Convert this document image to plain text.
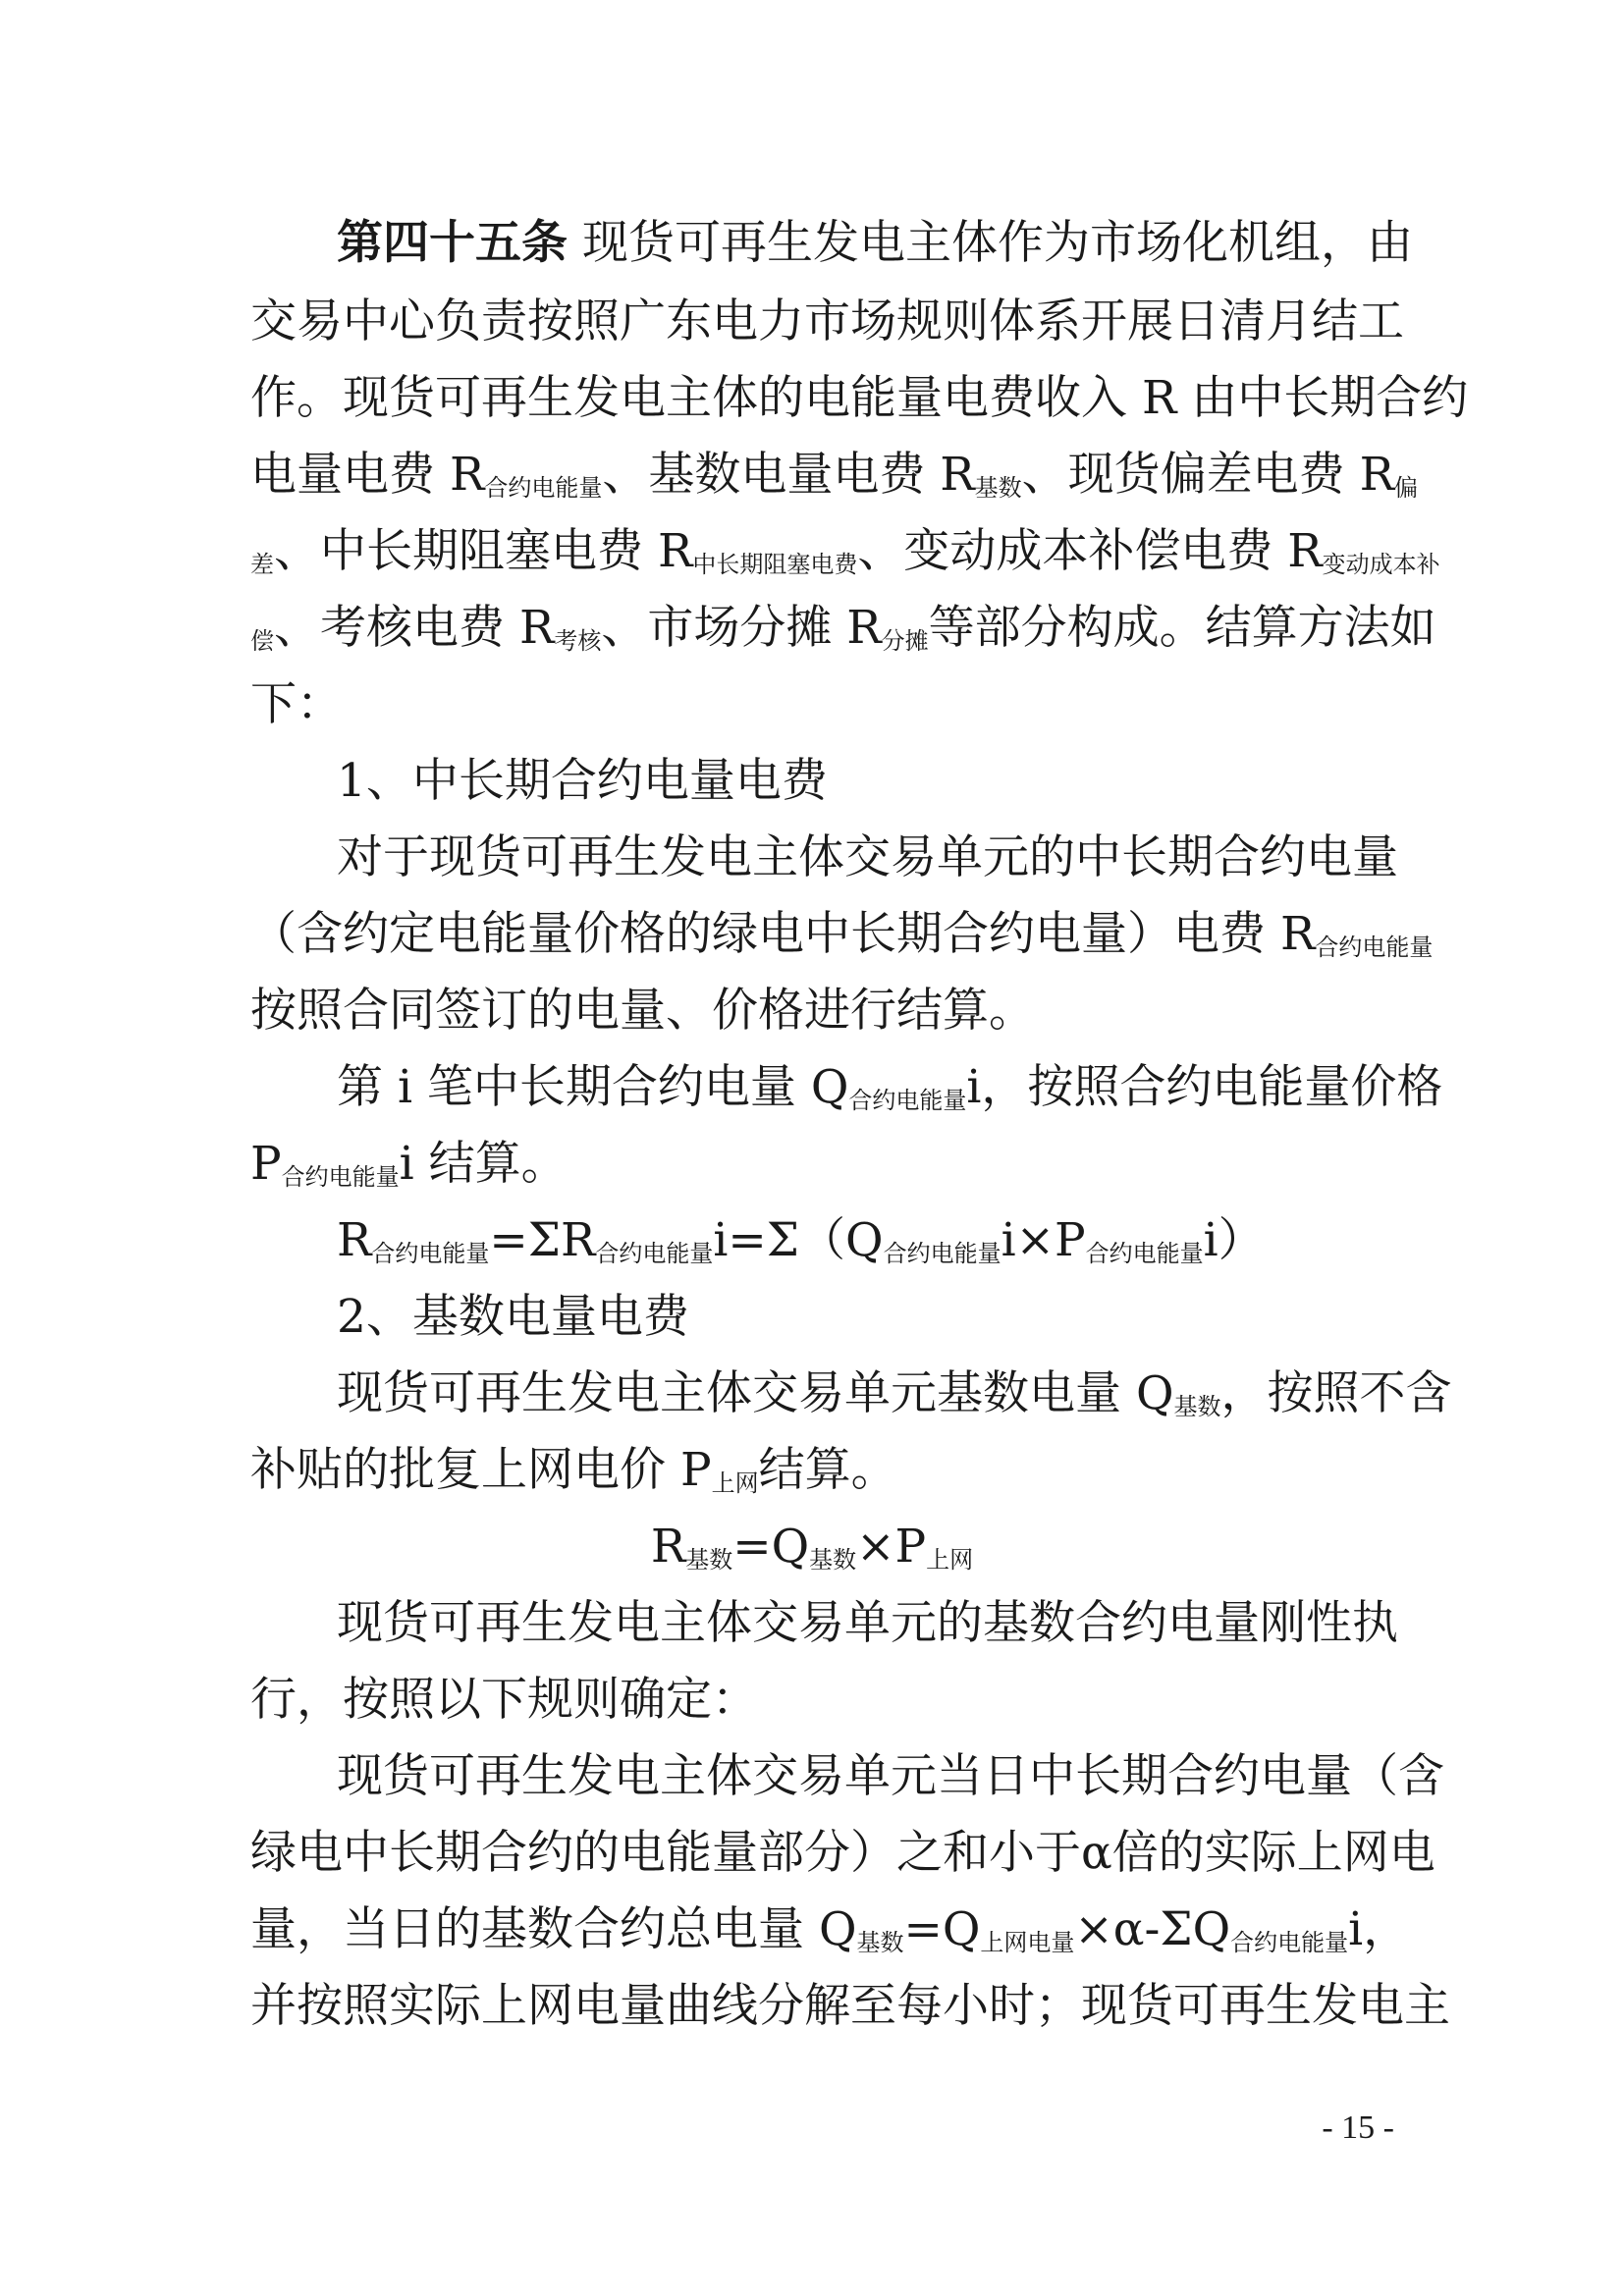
第四十五条 现货可再生发电主体作为市场化机组，由
交易中心负责按照广东电力市场规则体系开展日清月结工
作。现货可再生发电主体的电能量电费收入 R 由中长期合约
电量电费 $R_{合约电能量}$、基数电量电费 $R_{基数}$、现货偏差电费 $R_偏$
差、中长期阻塞电费 $R_{中长期阻塞电费}$、变动成本补偿电费 $R_{变动成本补}$
偿、考核电费 $R_{考核}$、市场分摊 $R_{分摊}$等部分构成。结算方法如
下：
1、中长期合约电量电费
对于现货可再生发电主体交易单元的中长期合约电量
（含约定电能量价格的绿电中长期合约电量）电费 $R_{合约电能量}$
按照合同签订的电量、价格进行结算。
第 i 笔中长期合约电量 $Q_{合约电能量}i$，按照合约电能量价格
$P_{合约电能量}i$ 结算。
$R_{合约电能量}=\Sigma R_{合约电能量}i=\Sigma(Q_{合约电能量}i\times P_{合约电能量}i)$
2、基数电量电费
现货可再生发电主体交易单元基数电量 $Q_{基数}$，按照不含
补贴的批复上网电价 $P_{上网}$结算。
$R_{基数}=Q_{基数}\times P_{上网}$
现货可再生发电主体交易单元的基数合约电量刚性执
行，按照以下规则确定：
现货可再生发电主体交易单元当日中长期合约电量（含
绿电中长期合约的电能量部分）之和小于α倍的实际上网电
量，当日的基数合约总电量 $Q_{基数}=Q_{上网电量}\times\alpha-\Sigma Q_{合约电能量}i$，
并按照实际上网电量曲线分解至每小时；现货可再生发电主
- 15 -
